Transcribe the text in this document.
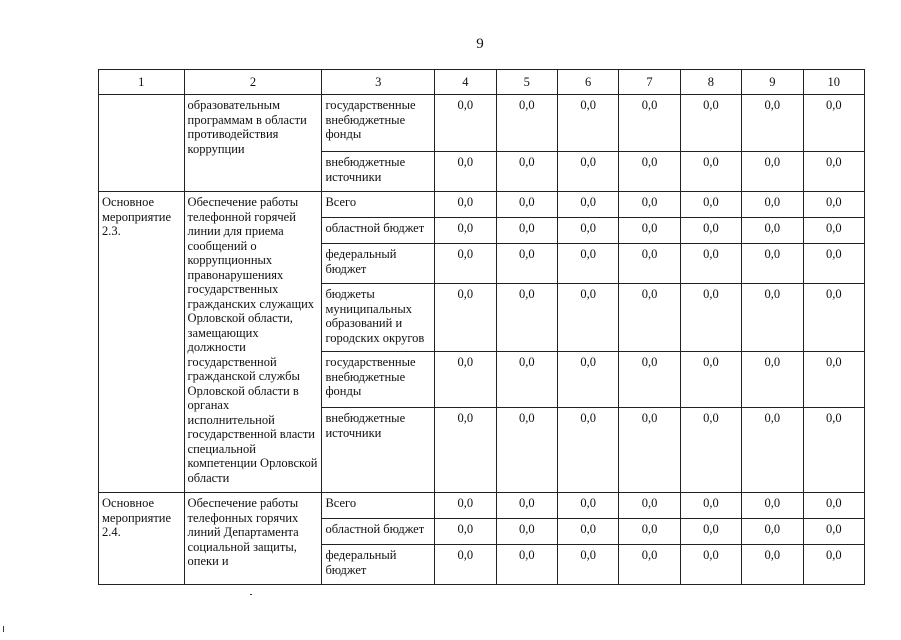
9
1	2	3	4	5	6	7	8	9	10
	образовательным программам в области противодействия коррупции	государственные внебюджетные фонды	0,0	0,0	0,0	0,0	0,0	0,0	0,0
		внебюджетные источники	0,0	0,0	0,0	0,0	0,0	0,0	0,0
Основное мероприятие 2.3.	Обеспечение работы телефонной горячей линии для приема сообщений о коррупционных правонарушениях государственных гражданских служащих Орловской области, замещающих должности государственной гражданской службы Орловской области в органах исполнительной государственной власти специальной компетенции Орловской области	Всего	0,0	0,0	0,0	0,0	0,0	0,0	0,0
		областной бюджет	0,0	0,0	0,0	0,0	0,0	0,0	0,0
		федеральный бюджет	0,0	0,0	0,0	0,0	0,0	0,0	0,0
		бюджеты муниципальных образований и городских округов	0,0	0,0	0,0	0,0	0,0	0,0	0,0
		государственные внебюджетные фонды	0,0	0,0	0,0	0,0	0,0	0,0	0,0
		внебюджетные источники	0,0	0,0	0,0	0,0	0,0	0,0	0,0
Основное мероприятие 2.4.	Обеспечение работы телефонных горячих линий Департамента социальной защиты, опеки и	Всего	0,0	0,0	0,0	0,0	0,0	0,0	0,0
		областной бюджет	0,0	0,0	0,0	0,0	0,0	0,0	0,0
		федеральный бюджет	0,0	0,0	0,0	0,0	0,0	0,0	0,0
